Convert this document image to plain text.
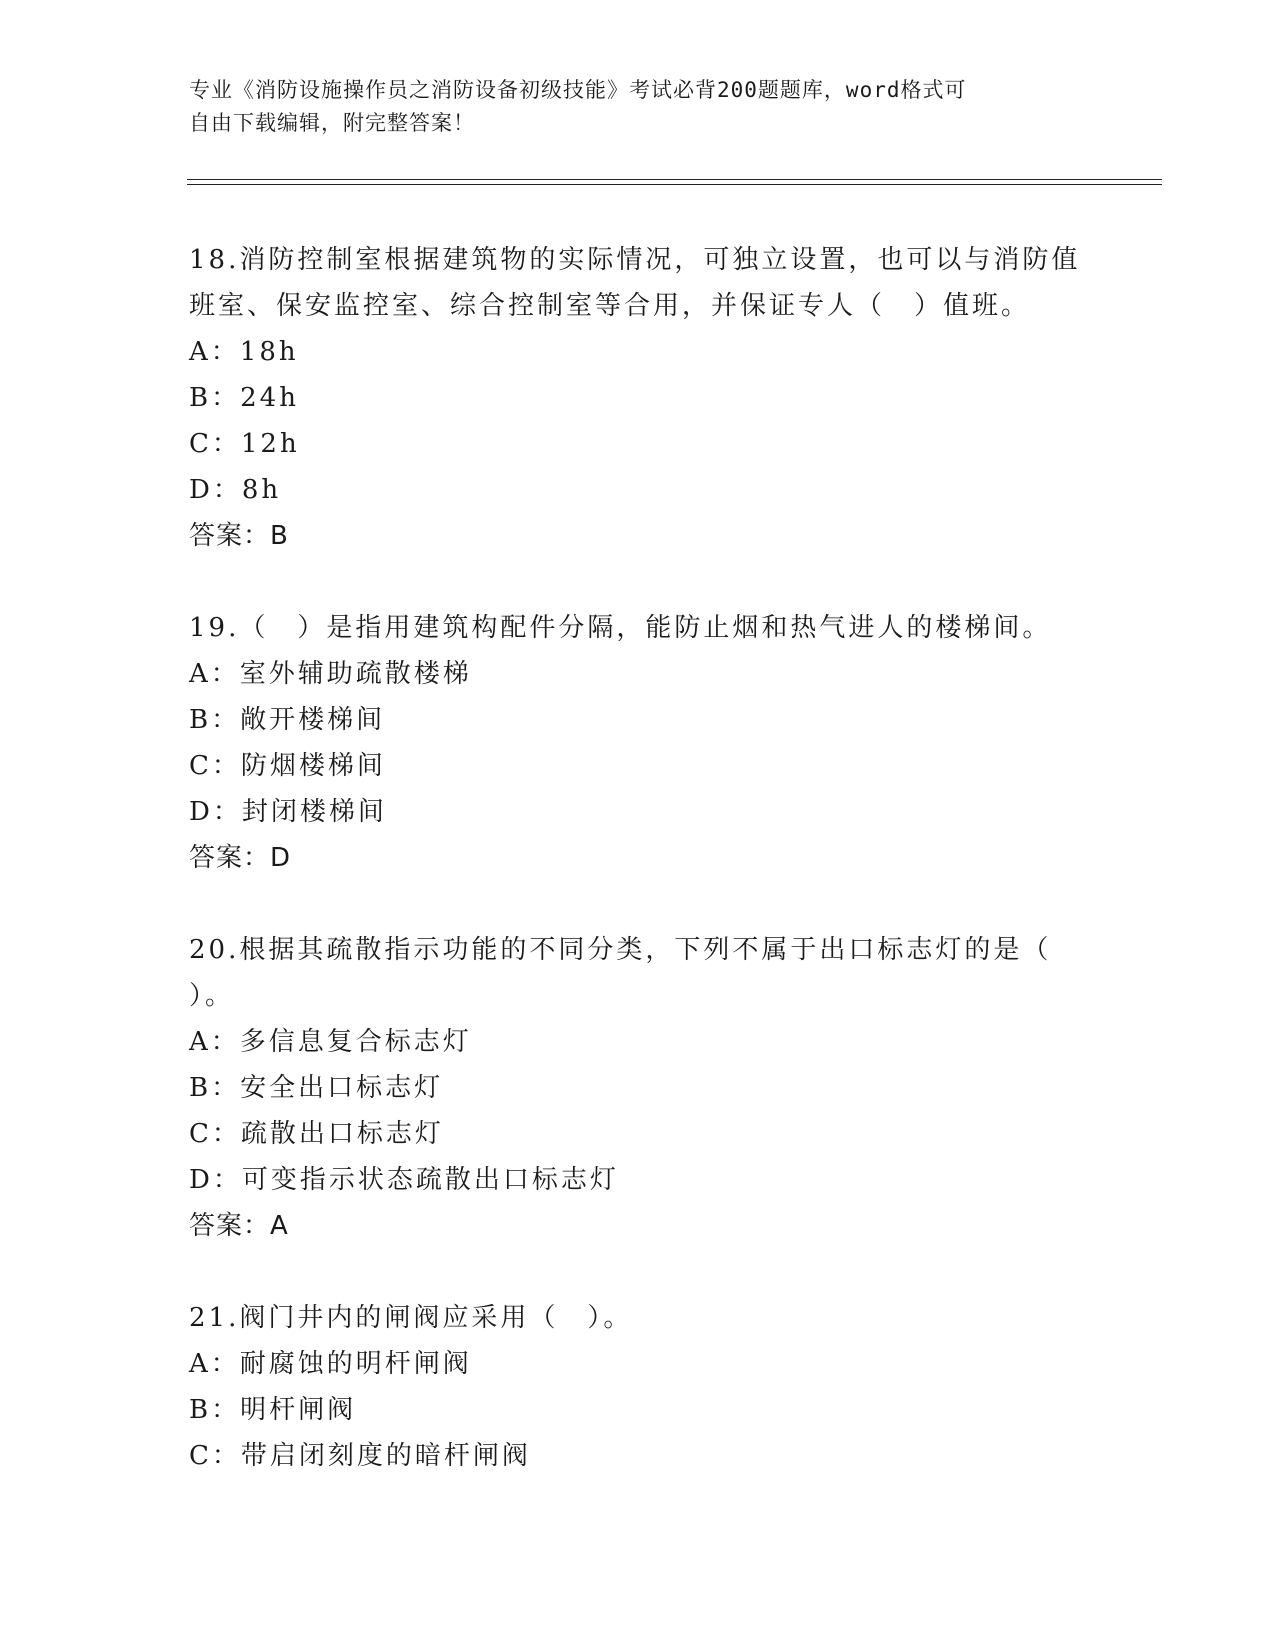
专业《消防设施操作员之消防设备初级技能》考试必背200题题库，word格式可
自由下载编辑，附完整答案！
18.消防控制室根据建筑物的实际情况，可独立设置，也可以与消防值
班室、保安监控室、综合控制室等合用，并保证专人（　）值班。
A：18h
B：24h
C：12h
D：8h
答案：B
19.（　）是指用建筑构配件分隔，能防止烟和热气进人的楼梯间。
A：室外辅助疏散楼梯
B：敞开楼梯间
C：防烟楼梯间
D：封闭楼梯间
答案：D
20.根据其疏散指示功能的不同分类，下列不属于出口标志灯的是（
）。
A：多信息复合标志灯
B：安全出口标志灯
C：疏散出口标志灯
D：可变指示状态疏散出口标志灯
答案：A
21.阀门井内的闸阀应采用（　）。
A：耐腐蚀的明杆闸阀
B：明杆闸阀
C：带启闭刻度的暗杆闸阀
